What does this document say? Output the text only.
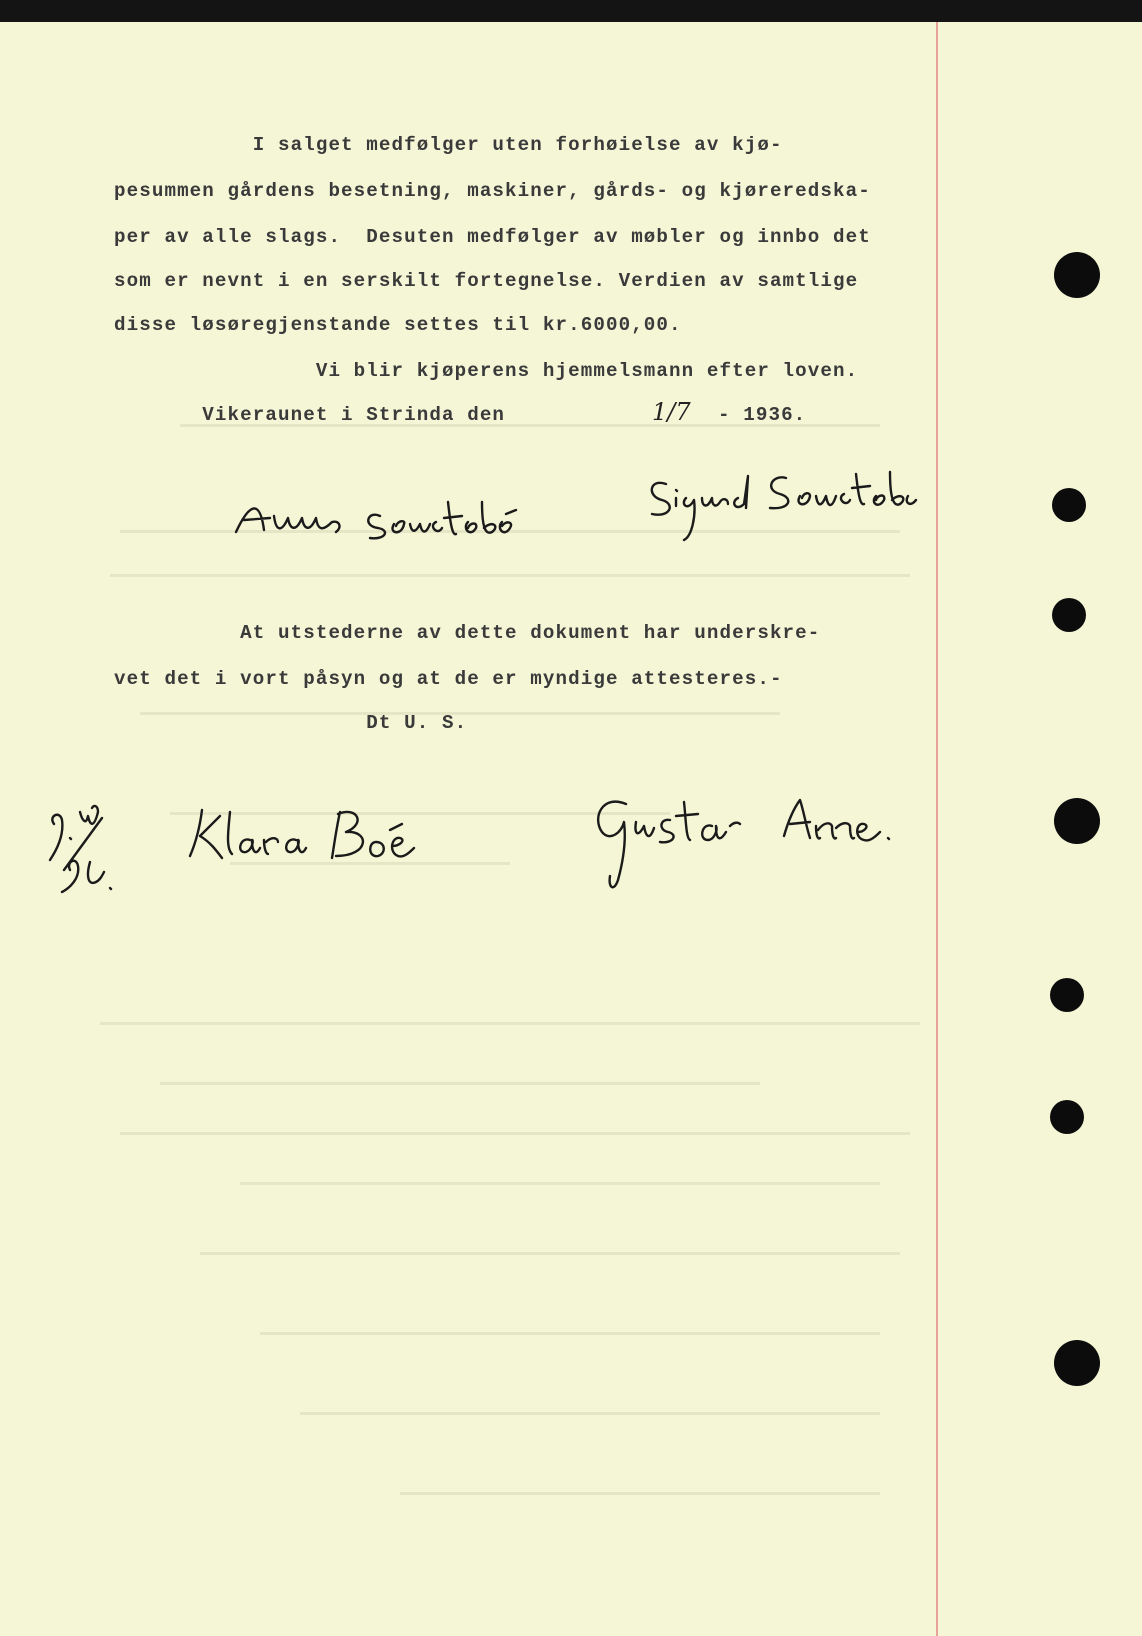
I salget medfølger uten forhøielse av kjø-
pesummen gårdens besetning, maskiner, gårds- og kjøreredska-
per av alle slags.  Desuten medfølger av møbler og innbo det
som er nevnt i en serskilt fortegnelse. Verdien av samtlige
disse løsøregjenstande settes til kr.6000,00.
Vi blir kjøperens hjemmelsmann efter loven.
Vikeraunet i Strinda den	1/7 - 1936.
At utstederne av dette dokument har underskre-
vet det i vort påsyn og at de er myndige attesteres.-
Dt U. S.
